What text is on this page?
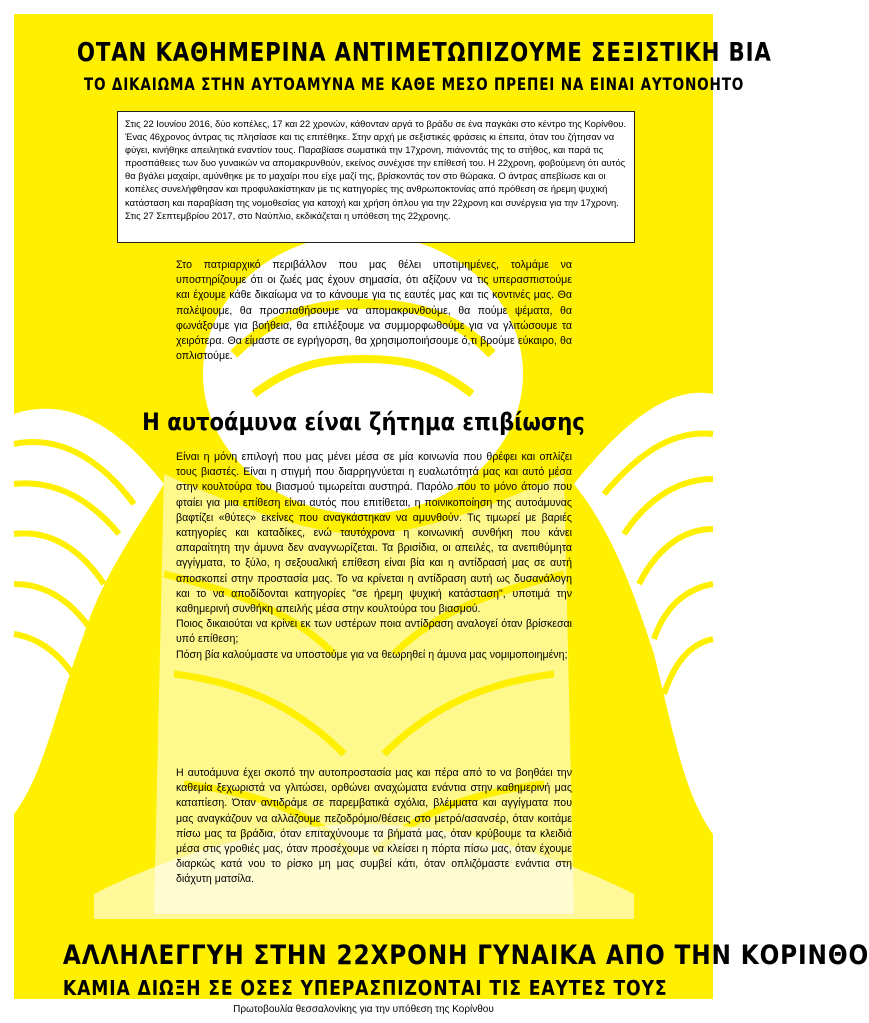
ΟΤΑΝ ΚΑΘΗΜΕΡΙΝΑ ΑΝΤΙΜΕΤΩΠΙΖΟΥΜΕ ΣΕΞΙΣΤΙΚΗ ΒΙΑ
ΤΟ ΔΙΚΑΙΩΜΑ ΣΤΗΝ ΑΥΤΟΑΜΥΝΑ ΜΕ ΚΑΘΕ ΜΕΣΟ ΠΡΕΠΕΙ ΝΑ ΕΙΝΑΙ ΑΥΤΟΝΟΗΤΟ

Στις 22 Ιουνίου 2016, δύο κοπέλες, 17 και 22 χρονών, κάθονταν αργά το βράδυ σε ένα παγκάκι στο κέντρο της Κορίνθου. Ένας 46χρονος άντρας τις πλησίασε και τις επιτέθηκε. Στην αρχή με σεξιστικές φράσεις κι έπειτα, όταν του ζήτησαν να φύγει, κινήθηκε απειλητικά εναντίον τους. Παραβίασε σωματικά την 17χρονη, πιάνοντάς της το στήθος, και παρά τις προσπάθειες των δυο γυναικών να απομακρυνθούν, εκείνος συνέχισε την επίθεσή του. Η 22χρονη, φοβούμενη ότι αυτός θα βγάλει μαχαίρι, αμύνθηκε με το μαχαίρι που είχε μαζί της, βρίσκοντάς τον στο θώρακα. Ο άντρας απεβίωσε και οι κοπέλες συνελήφθησαν και προφυλακίστηκαν με τις κατηγορίες της ανθρωποκτονίας από πρόθεση σε ήρεμη ψυχική κατάσταση και παραβίαση της νομοθεσίας για κατοχή και χρήση όπλου για την 22χρονη και συνέργεια για την 17χρονη.

Στις 27 Σεπτεμβρίου 2017, στο Ναύπλιο, εκδικάζεται η υπόθεση της 22χρονης.

Στο πατριαρχικό περιβάλλον που μας θέλει υποτιμημένες, τολμάμε να υποστηρίζουμε ότι οι ζωές μας έχουν σημασία, ότι αξίζουν να τις υπερασπιστούμε και έχουμε κάθε δικαίωμα να το κάνουμε για τις εαυτές μας και τις κοντινές μας. Θα παλέψουμε, θα προσπαθήσουμε να απομακρυνθούμε, θα πούμε ψέματα, θα φωνάξουμε για βοήθεια, θα επιλέξουμε να συμμορφωθούμε για να γλιτώσουμε τα χειρότερα. Θα είμαστε σε εγρήγορση, θα χρησιμοποιήσουμε ό,τι βρούμε εύκαιρο, θα οπλιστούμε.

Η αυτοάμυνα είναι ζήτημα επιβίωσης

Είναι η μόνη επιλογή που μας μένει μέσα σε μία κοινωνία που θρέφει και οπλίζει τους βιαστές. Είναι η στιγμή που διαρρηγνύεται η ευαλωτότητά μας και αυτό μέσα στην κουλτούρα του βιασμού τιμωρείται αυστηρά. Παρόλο που το μόνο άτομο που φταίει για μια επίθεση είναι αυτός που επιτίθεται, η ποινικοποίηση της αυτοάμυνας βαφτίζει «θύτες» εκείνες που αναγκάστηκαν να αμυνθούν. Τις τιμωρεί με βαριές κατηγορίες και καταδίκες, ενώ ταυτόχρονα η κοινωνική συνθήκη που κάνει απαραίτητη την άμυνα δεν αναγνωρίζεται. Τα βρισίδια, οι απειλές, τα ανεπιθύμητα αγγίγματα, το ξύλο, η σεξουαλική επίθεση είναι βία και η αντίδρασή μας σε αυτή αποσκοπεί στην προστασία μας. Το να κρίνεται η αντίδραση αυτή ως δυσανάλογη και το να αποδίδονται κατηγορίες "σε ήρεμη ψυχική κατάσταση", υποτιμά την καθημερινή συνθήκη απειλής μέσα στην κουλτούρα του βιασμού.
Ποιος δικαιούται να κρίνει εκ των υστέρων ποια αντίδραση αναλογεί όταν βρίσκεσαι υπό επίθεση;
Πόση βία καλούμαστε να υποστούμε για να θεωρηθεί η άμυνα μας νομιμοποιημένη;

Η αυτοάμυνα έχει σκοπό την αυτοπροστασία μας και πέρα από το να βοηθάει την καθεμία ξεχωριστά να γλιτώσει, ορθώνει αναχώματα ενάντια στην καθημερινή μας καταπίεση. Όταν αντιδράμε σε παρεμβατικά σχόλια, βλέμματα και αγγίγματα που μας αναγκάζουν να αλλάζουμε πεζοδρόμιο/θέσεις στο μετρό/ασανσέρ, όταν κοιτάμε πίσω μας τα βράδια, όταν επιταχύνουμε τα βήματά μας, όταν κρύβουμε τα κλειδιά μέσα στις γροθιές μας, όταν προσέχουμε να κλείσει η πόρτα πίσω μας, όταν έχουμε διαρκώς κατά νου το ρίσκο μη μας συμβεί κάτι, όταν οπλιζόμαστε ενάντια στη διάχυτη ματσίλα.

ΑΛΛΗΛΕΓΓΥΗ ΣΤΗΝ 22ΧΡΟΝΗ ΓΥΝΑΙΚΑ ΑΠΟ ΤΗΝ ΚΟΡΙΝΘΟ
ΚΑΜΙΑ ΔΙΩΞΗ ΣΕ ΟΣΕΣ ΥΠΕΡΑΣΠΙΖΟΝΤΑΙ ΤΙΣ ΕΑΥΤΕΣ ΤΟΥΣ
Πρωτοβουλία θεσσαλονίκης για την υπόθεση της Κορίνθου
